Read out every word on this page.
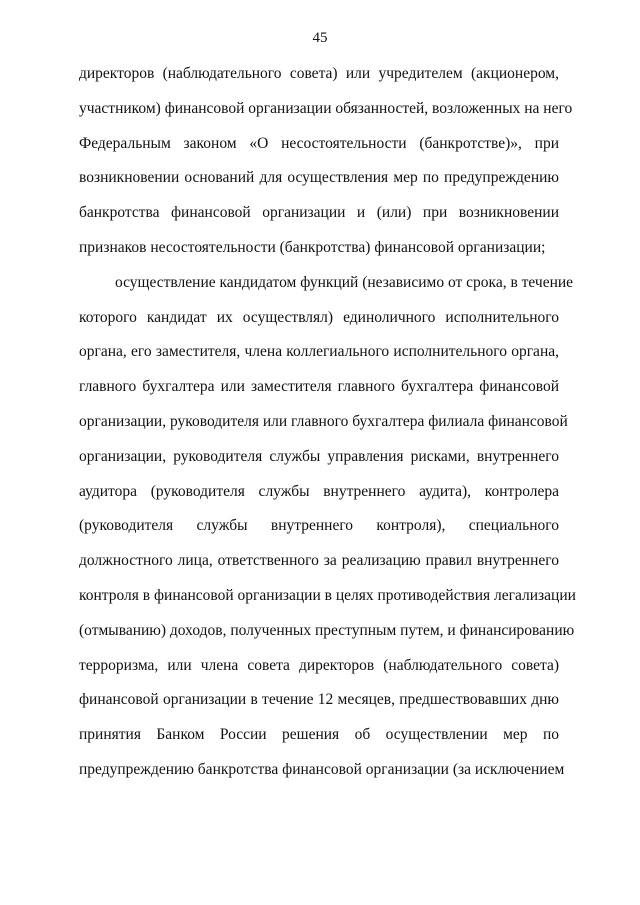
45
директоров (наблюдательного совета) или учредителем (акционером,
участником) финансовой организации обязанностей, возложенных на него
Федеральным законом «О несостоятельности (банкротстве)», при
возникновении оснований для осуществления мер по предупреждению
банкротства финансовой организации и (или) при возникновении
признаков несостоятельности (банкротства) финансовой организации;
осуществление кандидатом функций (независимо от срока, в течение
которого кандидат их осуществлял) единоличного исполнительного
органа, его заместителя, члена коллегиального исполнительного органа,
главного бухгалтера или заместителя главного бухгалтера финансовой
организации, руководителя или главного бухгалтера филиала финансовой
организации, руководителя службы управления рисками, внутреннего
аудитора (руководителя службы внутреннего аудита), контролера
(руководителя службы внутреннего контроля), специального
должностного лица, ответственного за реализацию правил внутреннего
контроля в финансовой организации в целях противодействия легализации
(отмыванию) доходов, полученных преступным путем, и финансированию
терроризма, или члена совета директоров (наблюдательного совета)
финансовой организации в течение 12 месяцев, предшествовавших дню
принятия Банком России решения об осуществлении мер по
предупреждению банкротства финансовой организации (за исключением
